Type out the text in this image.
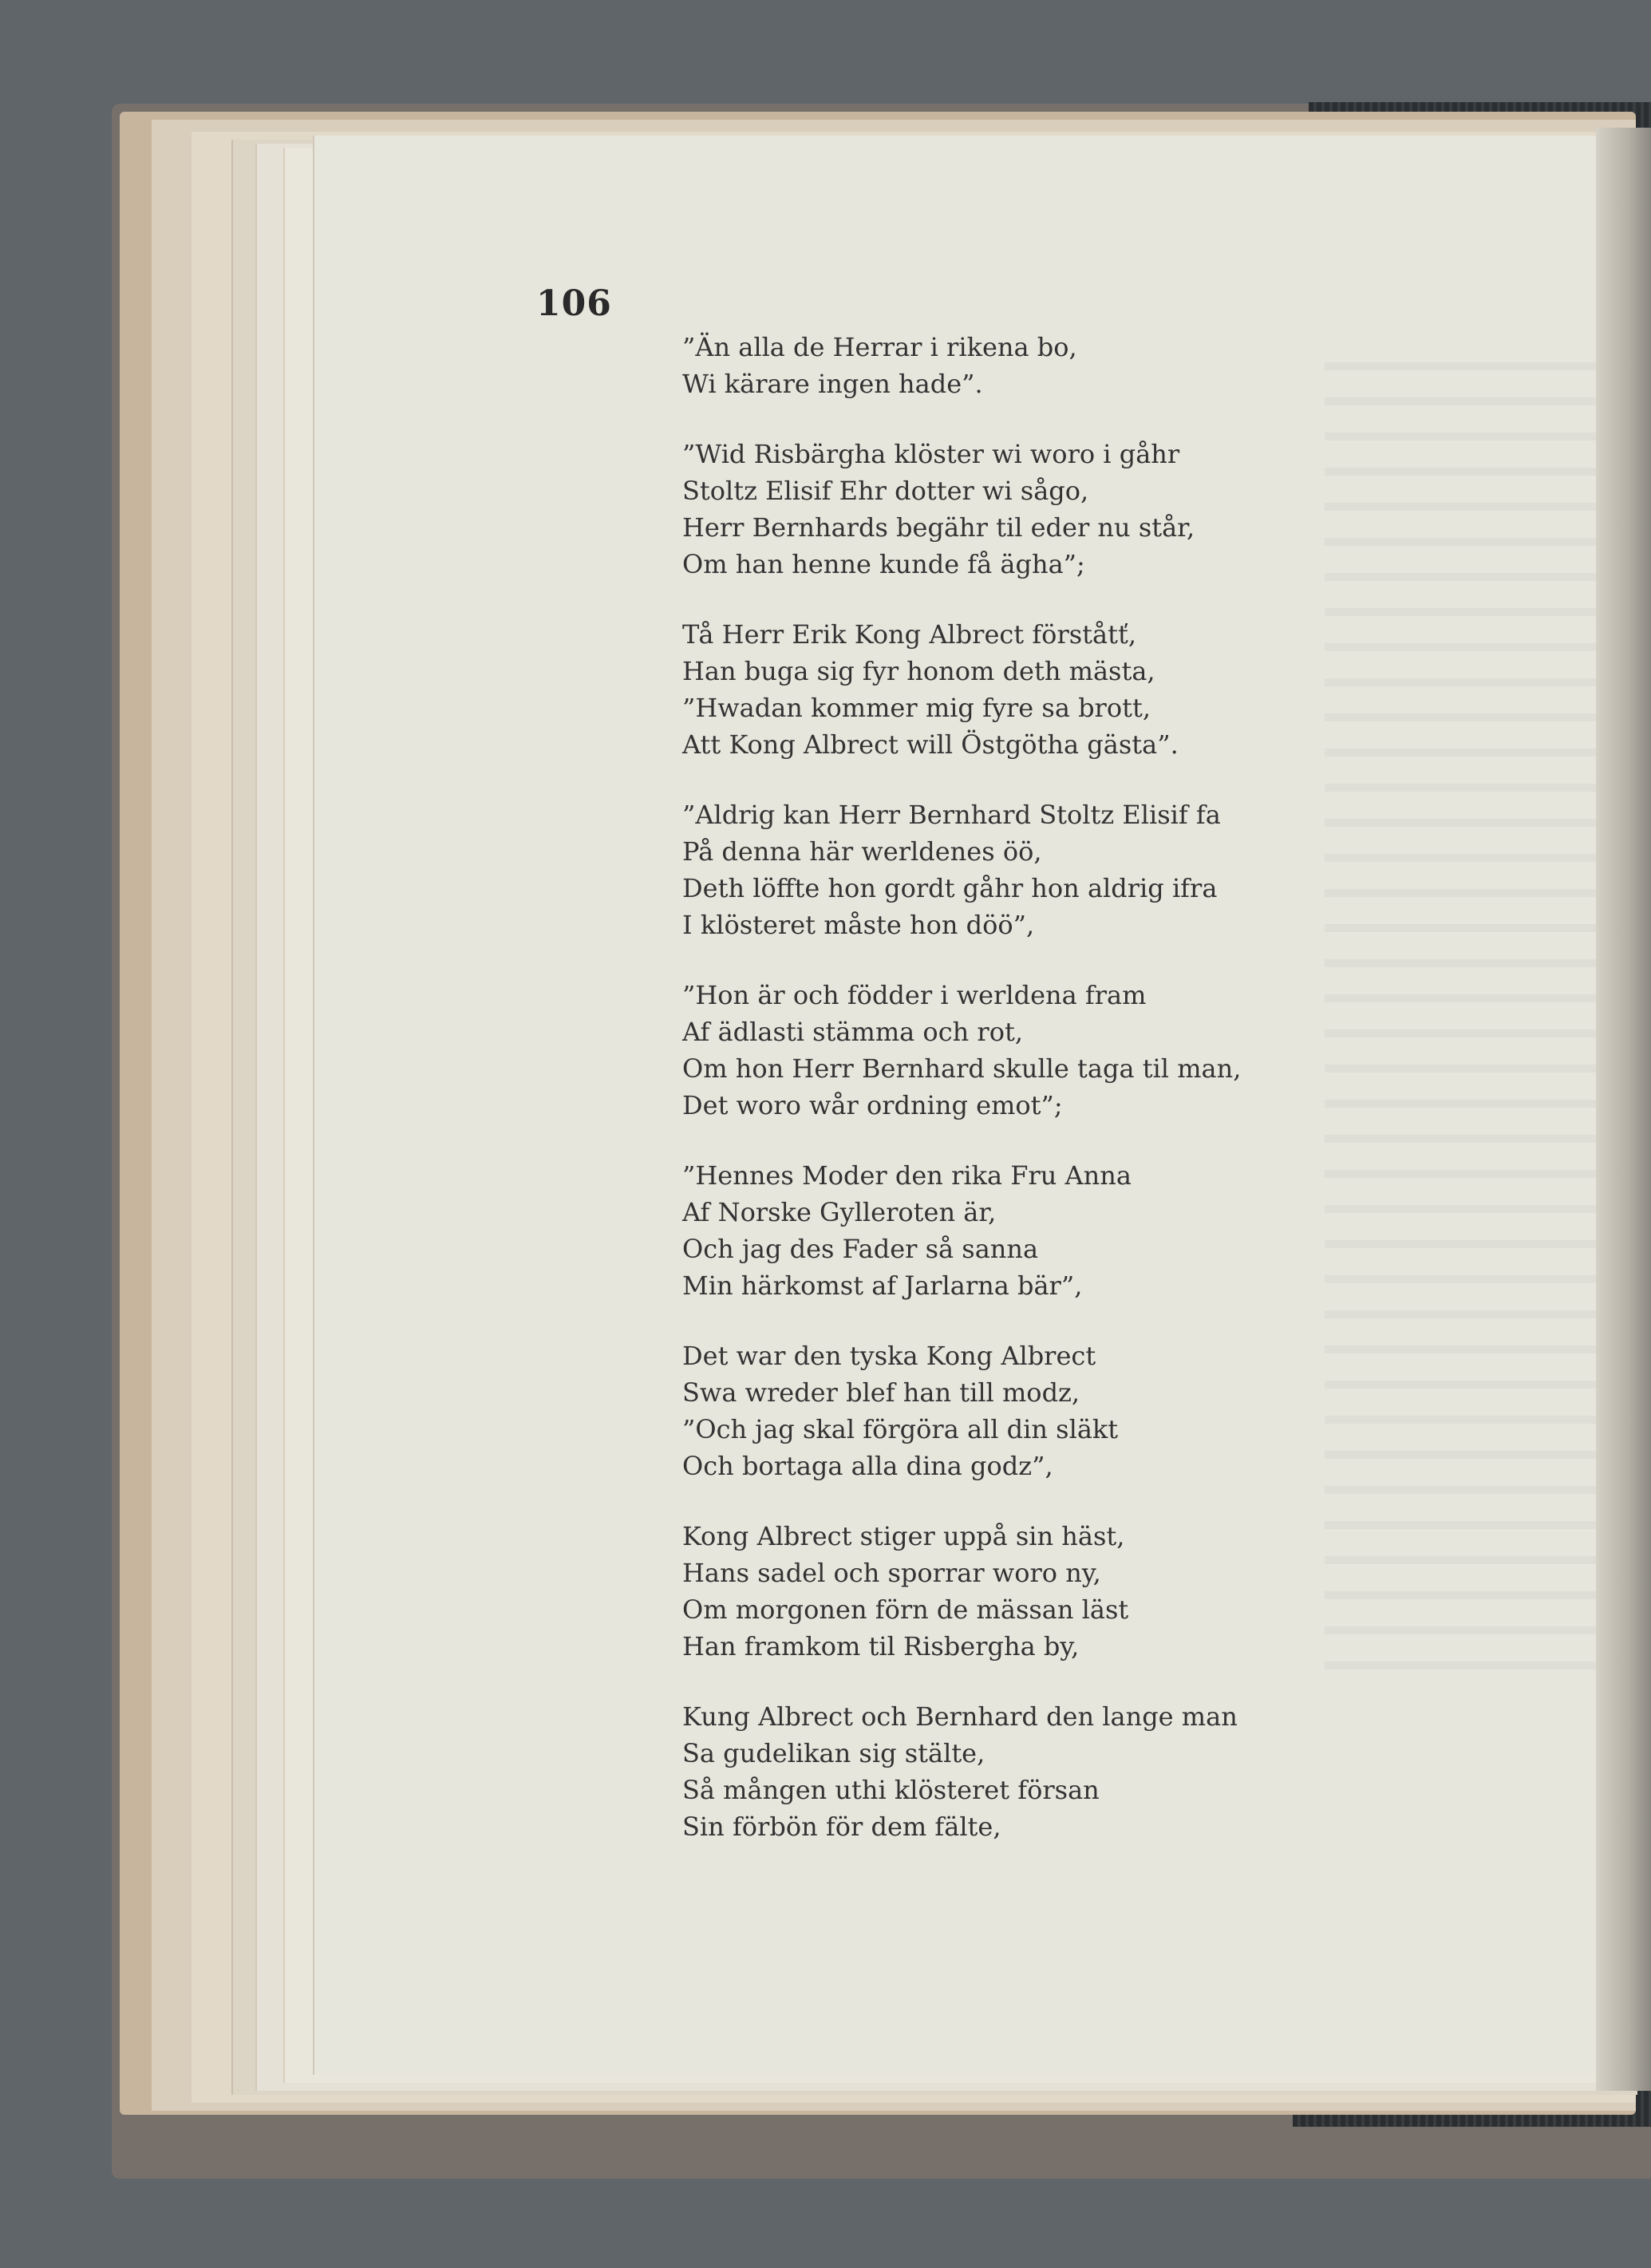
106
”Än alla de Herrar i rikena bo,
Wi kärare ingen hade”.
”Wid Risbärgha klöster wi woro i gåhr
Stoltz Elisif Ehr dotter wi sågo,
Herr Bernhards begähr til eder nu står,
Om han henne kunde få ägha”;
Tå Herr Erik Kong Albrect förståtť,
Han buga sig fyr honom deth mästa,
”Hwadan kommer mig fyre sa brott,
Att Kong Albrect will Östgötha gästa”.
”Aldrig kan Herr Bernhard Stoltz Elisif fa
På denna här werldenes öö,
Deth löffte hon gordt gåhr hon aldrig ifra
I klösteret måste hon döö”,
”Hon är och födder i werldena fram
Af ädlasti stämma och rot,
Om hon Herr Bernhard skulle taga til man,
Det woro wår ordning emot”;
”Hennes Moder den rika Fru Anna
Af Norske Gylleroten är,
Och jag des Fader så sanna
Min härkomst af Jarlarna bär”,
Det war den tyska Kong Albrect
Swa wreder blef han till modz,
”Och jag skal förgöra all din släkt
Och bortaga alla dina godz”,
Kong Albrect stiger uppå sin häst,
Hans sadel och sporrar woro ny,
Om morgonen förn de mässan läst
Han framkom til Risbergha by,
Kung Albrect och Bernhard den lange man
Sa gudelikan sig stälte,
Så mången uthi klösteret försan
Sin förbön för dem fälte,
